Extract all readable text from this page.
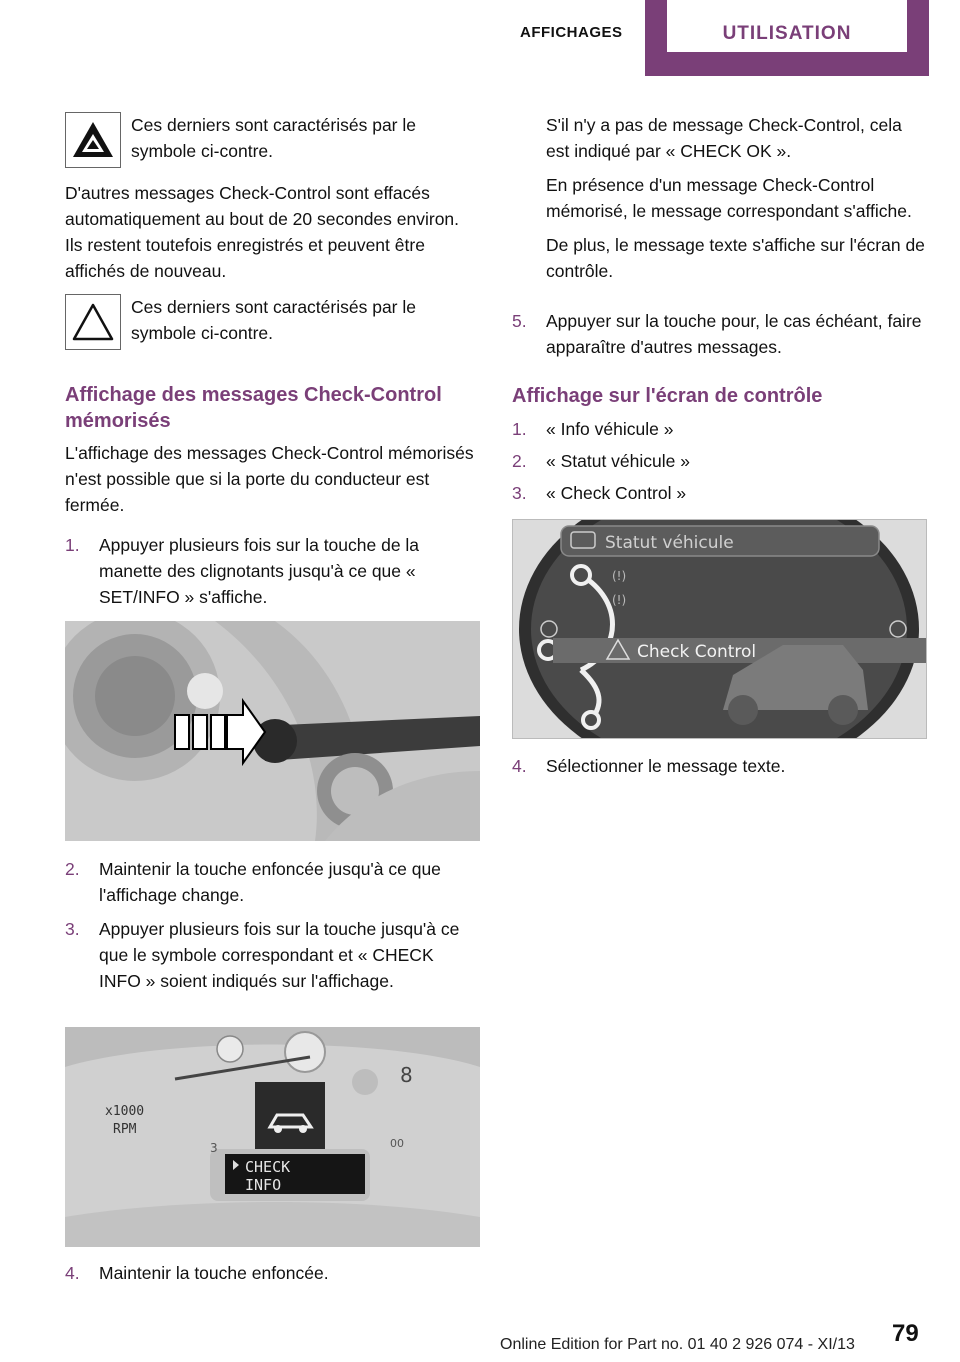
AFFICHAGES	UTILISATION
Ces derniers sont caractérisés par le symbole ci-contre.

D'autres messages Check-Control sont effacés automatiquement au bout de 20 secondes environ. Ils restent toutefois enregistrés et peuvent être affichés de nouveau.

Ces derniers sont caractérisés par le symbole ci-contre.
Affichage des messages Check-Control mémorisés

L'affichage des messages Check-Control mémorisés n'est possible que si la porte du conducteur est fermée.

1. Appuyer plusieurs fois sur la touche de la manette des clignotants jusqu'à ce que « SET/INFO » s'affiche.
2. Maintenir la touche enfoncée jusqu'à ce que l'affichage change.
3. Appuyer plusieurs fois sur la touche jusqu'à ce que le symbole correspondant et « CHECK INFO » soient indiqués sur l'affichage.
x1000
RPM
CHECK
INFO
8
3	00
4. Maintenir la touche enfoncée.

S'il n'y a pas de message Check-Control, cela est indiqué par « CHECK OK ».

En présence d'un message Check-Control mémorisé, le message correspondant s'affiche.

De plus, le message texte s'affiche sur l'écran de contrôle.

5. Appuyer sur la touche pour, le cas échéant, faire apparaître d'autres messages.
Affichage sur l'écran de contrôle
1. « Info véhicule »
2. « Statut véhicule »
3. « Check Control »
(!)
(!)
Statut véhicule
Check Control
4. Sélectionner le message texte.
79
Online Edition for Part no. 01 40 2 926 074 - XI/13
